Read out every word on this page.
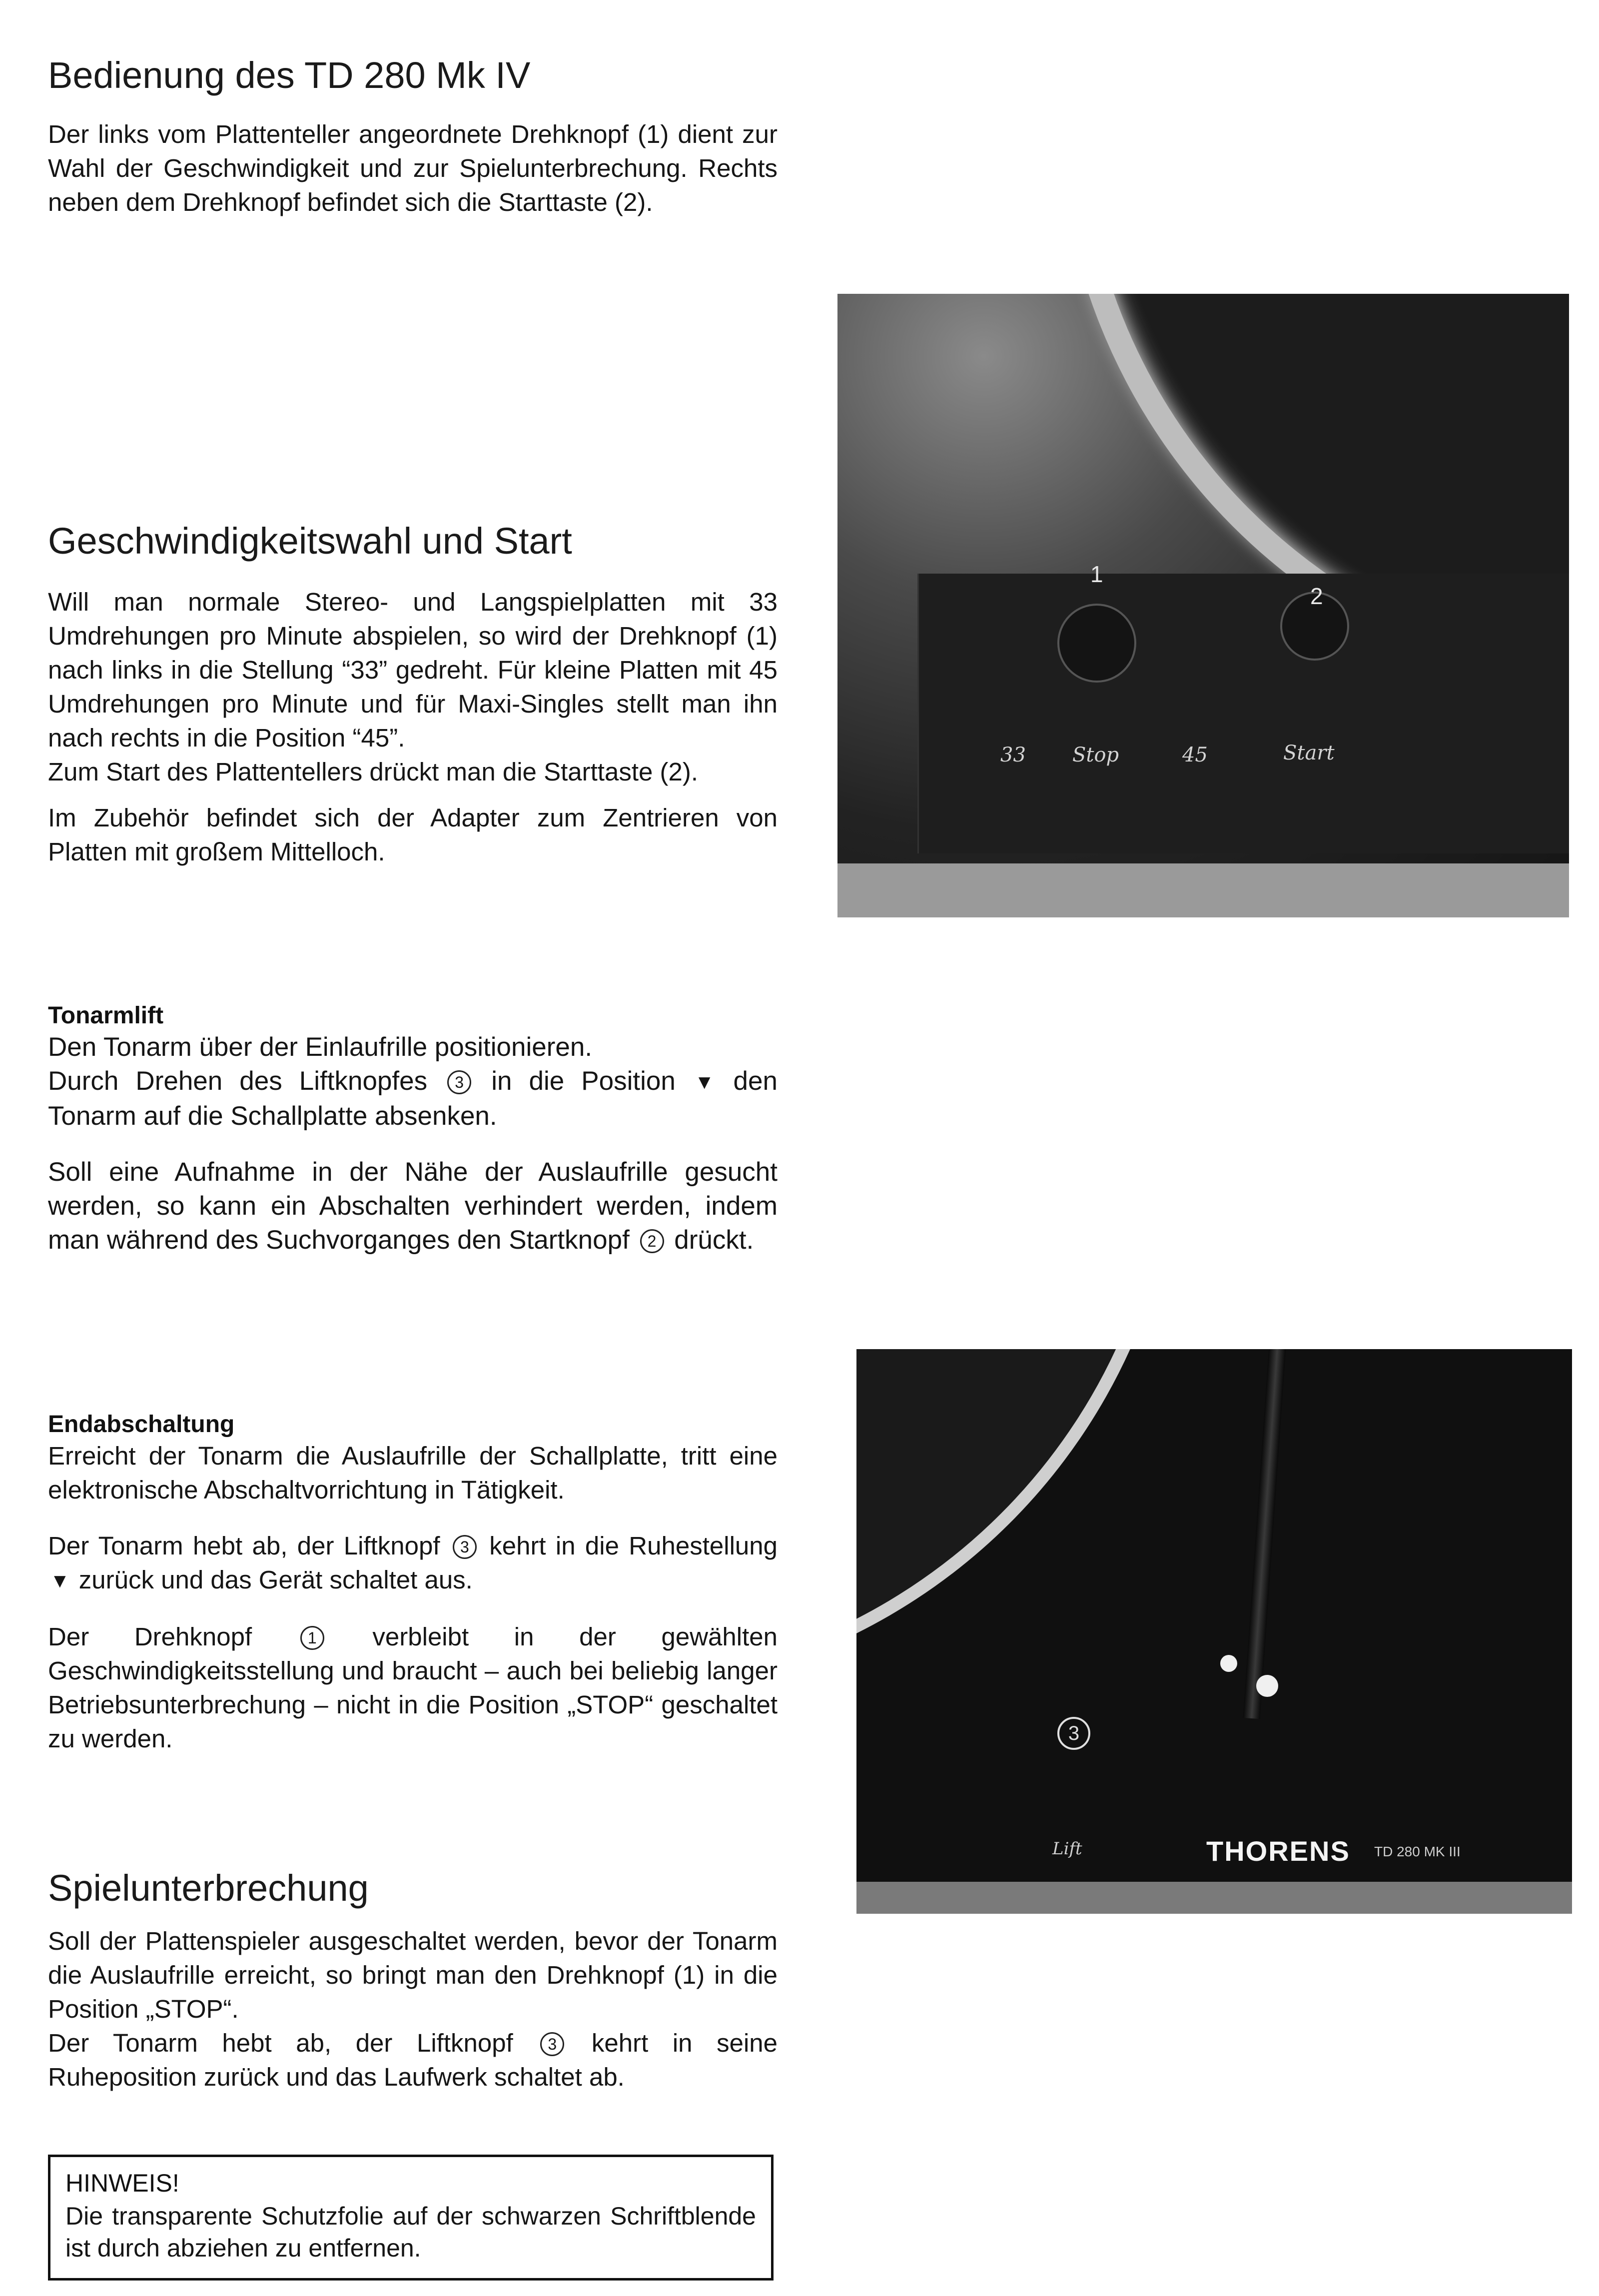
Bedienung des TD 280 Mk IV

Der links vom Plattenteller angeordnete Drehknopf (1) dient zur Wahl der Geschwindigkeit und zur Spielunterbrechung. Rechts neben dem Drehknopf befindet sich die Starttaste (2).

Geschwindigkeitswahl und Start

Will man normale Stereo- und Langspielplatten mit 33 Umdrehungen pro Minute abspielen, so wird der Drehknopf (1) nach links in die Stellung “33” gedreht. Für kleine Platten mit 45 Umdrehungen pro Minute und für Maxi-Singles stellt man ihn nach rechts in die Position “45”.

Zum Start des Plattentellers drückt man die Starttaste (2).

Im Zubehör befindet sich der Adapter zum Zentrieren von Platten mit großem Mittelloch.

1
2
33 Stop	45	Start
Tonarmlift

Den Tonarm über der Einlaufrille positionieren.

Durch Drehen des Liftknopfes 3 in die Position ▼ den Tonarm auf die Schallplatte absenken.

Soll eine Aufnahme in der Nähe der Auslaufrille gesucht werden, so kann ein Abschalten verhindert werden, indem man während des Suchvorganges den Startknopf 2 drückt.

Endabschaltung

Erreicht der Tonarm die Auslaufrille der Schallplatte, tritt eine elektronische Abschaltvorrichtung in Tätigkeit.

Der Tonarm hebt ab, der Liftknopf 3 kehrt in die Ruhestellung ▼ zurück und das Gerät schaltet aus.

Der Drehknopf	1 verbleibt in der gewählten Geschwindigkeitsstellung und braucht – auch bei beliebig langer Betriebsunterbrechung – nicht in die Position „STOP“ geschaltet zu werden.	3
Lift	THORENS TD 280 MK III
Spielunterbrechung

Soll der Plattenspieler ausgeschaltet werden, bevor der Tonarm die Auslaufrille erreicht, so bringt man den Drehknopf (1) in die Position „STOP“.

Der Tonarm hebt ab, der Liftknopf 3 kehrt in seine Ruheposition zurück und das Laufwerk schaltet ab.

HINWEIS!

Die transparente Schutzfolie auf der schwarzen Schriftblende ist durch abziehen zu entfernen.
